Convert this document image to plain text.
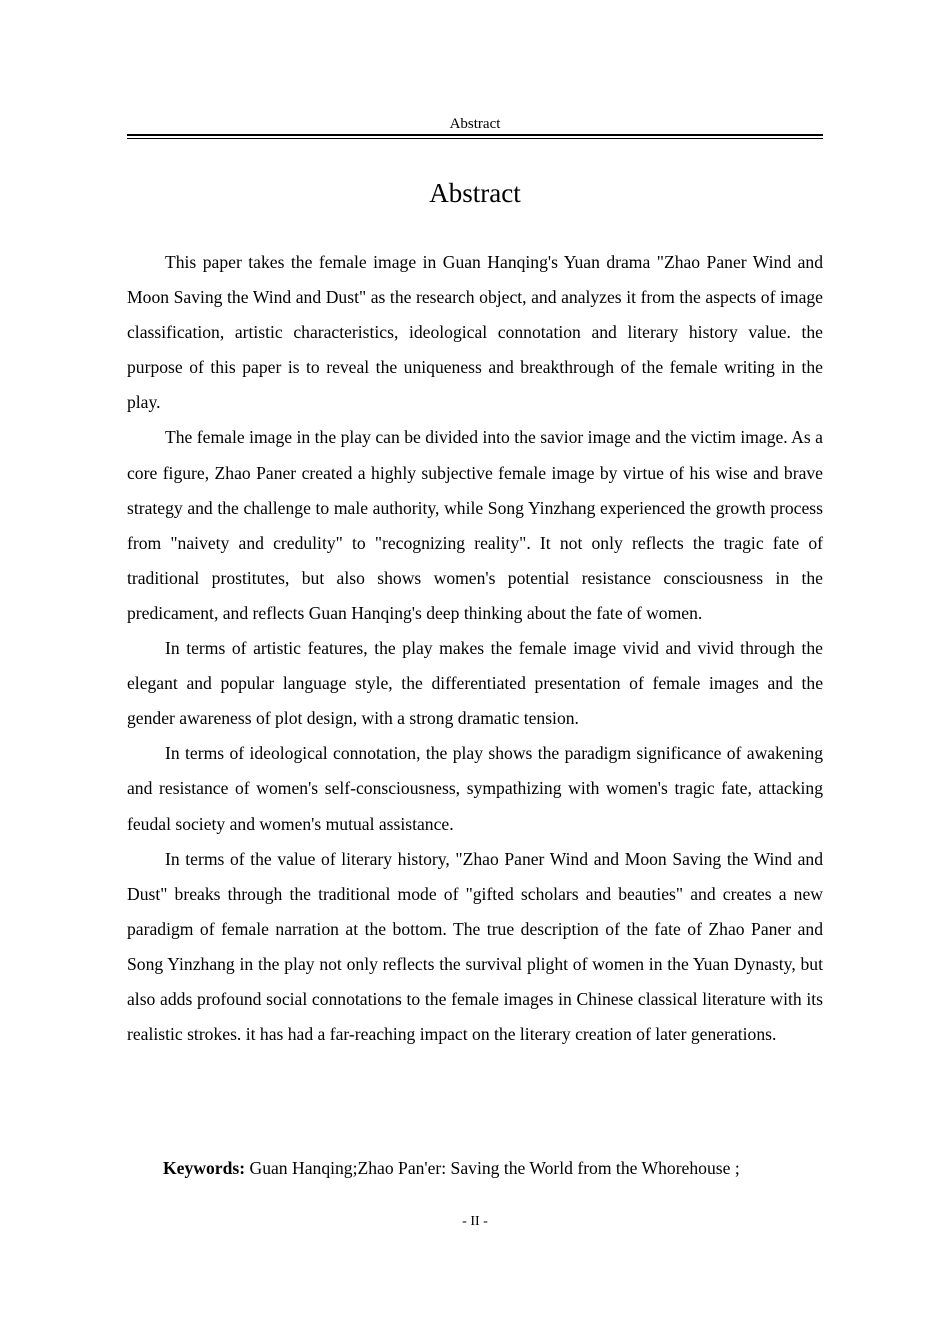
Abstract
Abstract

This paper takes the female image in Guan Hanqing's Yuan drama "Zhao Paner Wind and Moon Saving the Wind and Dust" as the research object, and analyzes it from the aspects of image classification, artistic characteristics, ideological connotation and literary history value. the purpose of this paper is to reveal the uniqueness and breakthrough of the female writing in the play.

The female image in the play can be divided into the savior image and the victim image. As a core figure, Zhao Paner created a highly subjective female image by virtue of his wise and brave strategy and the challenge to male authority, while Song Yinzhang experienced the growth process from "naivety and credulity" to "recognizing reality". It not only reflects the tragic fate of traditional prostitutes, but also shows women's potential resistance consciousness in the predicament, and reflects Guan Hanqing's deep thinking about the fate of women.

In terms of artistic features, the play makes the female image vivid and vivid through the elegant and popular language style, the differentiated presentation of female images and the gender awareness of plot design, with a strong dramatic tension.

In terms of ideological connotation, the play shows the paradigm significance of awakening and resistance of women's self-consciousness, sympathizing with women's tragic fate, attacking feudal society and women's mutual assistance.

In terms of the value of literary history, "Zhao Paner Wind and Moon Saving the Wind and Dust" breaks through the traditional mode of "gifted scholars and beauties" and creates a new paradigm of female narration at the bottom. The true description of the fate of Zhao Paner and Song Yinzhang in the play not only reflects the survival plight of women in the Yuan Dynasty, but also adds profound social connotations to the female images in Chinese classical literature with its realistic strokes. it has had a far-reaching impact on the literary creation of later generations.

Keywords: Guan Hanqing;Zhao Pan'er: Saving the World from the Whorehouse ;
- II -
